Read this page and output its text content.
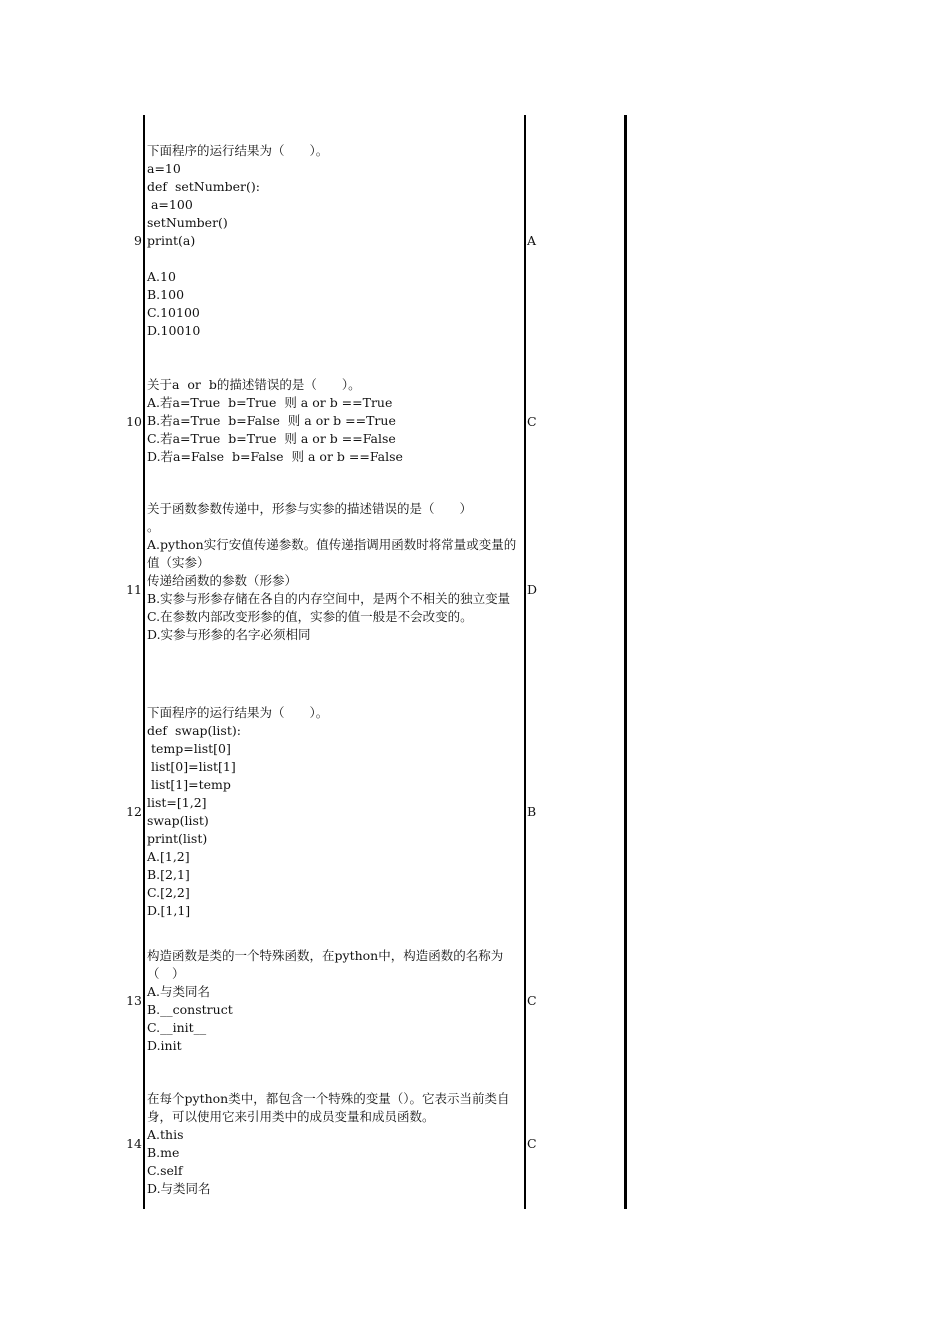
下面程序的运行结果为（　　）。
a=10
def  setNumber():
a=100
setNumber()
print(a)

A.10
B.100
C.10100
D.10010
9	A
关于a  or  b的描述错误的是（　　）。
A.若a=True  b=True  则 a or b ==True
B.若a=True  b=False  则 a or b ==True
C.若a=True  b=True  则 a or b ==False
D.若a=False  b=False  则 a or b ==False
10	C
关于函数参数传递中，形参与实参的描述错误的是（　　）
。
A.python实行安值传递参数。值传递指调用函数时将常量或变量的值（实参）
传递给函数的参数（形参）
B.实参与形参存储在各自的内存空间中，是两个不相关的独立变量
C.在参数内部改变形参的值，实参的值一般是不会改变的。
D.实参与形参的名字必须相同
11	D
下面程序的运行结果为（　　）。
def  swap(list):
temp=list[0]
list[0]=list[1]
list[1]=temp
list=[1,2]
swap(list)
print(list)
A.[1,2]
B.[2,1]
C.[2,2]
D.[1,1]
12	B
构造函数是类的一个特殊函数，在python中，构造函数的名称为（　）
A.与类同名
B.__construct
C.__init__
D.init
13	C
在每个python类中，都包含一个特殊的变量（）。它表示当前类自身，可以使用它来引用类中的成员变量和成员函数。
A.this
B.me
C.self
D.与类同名
14	C
